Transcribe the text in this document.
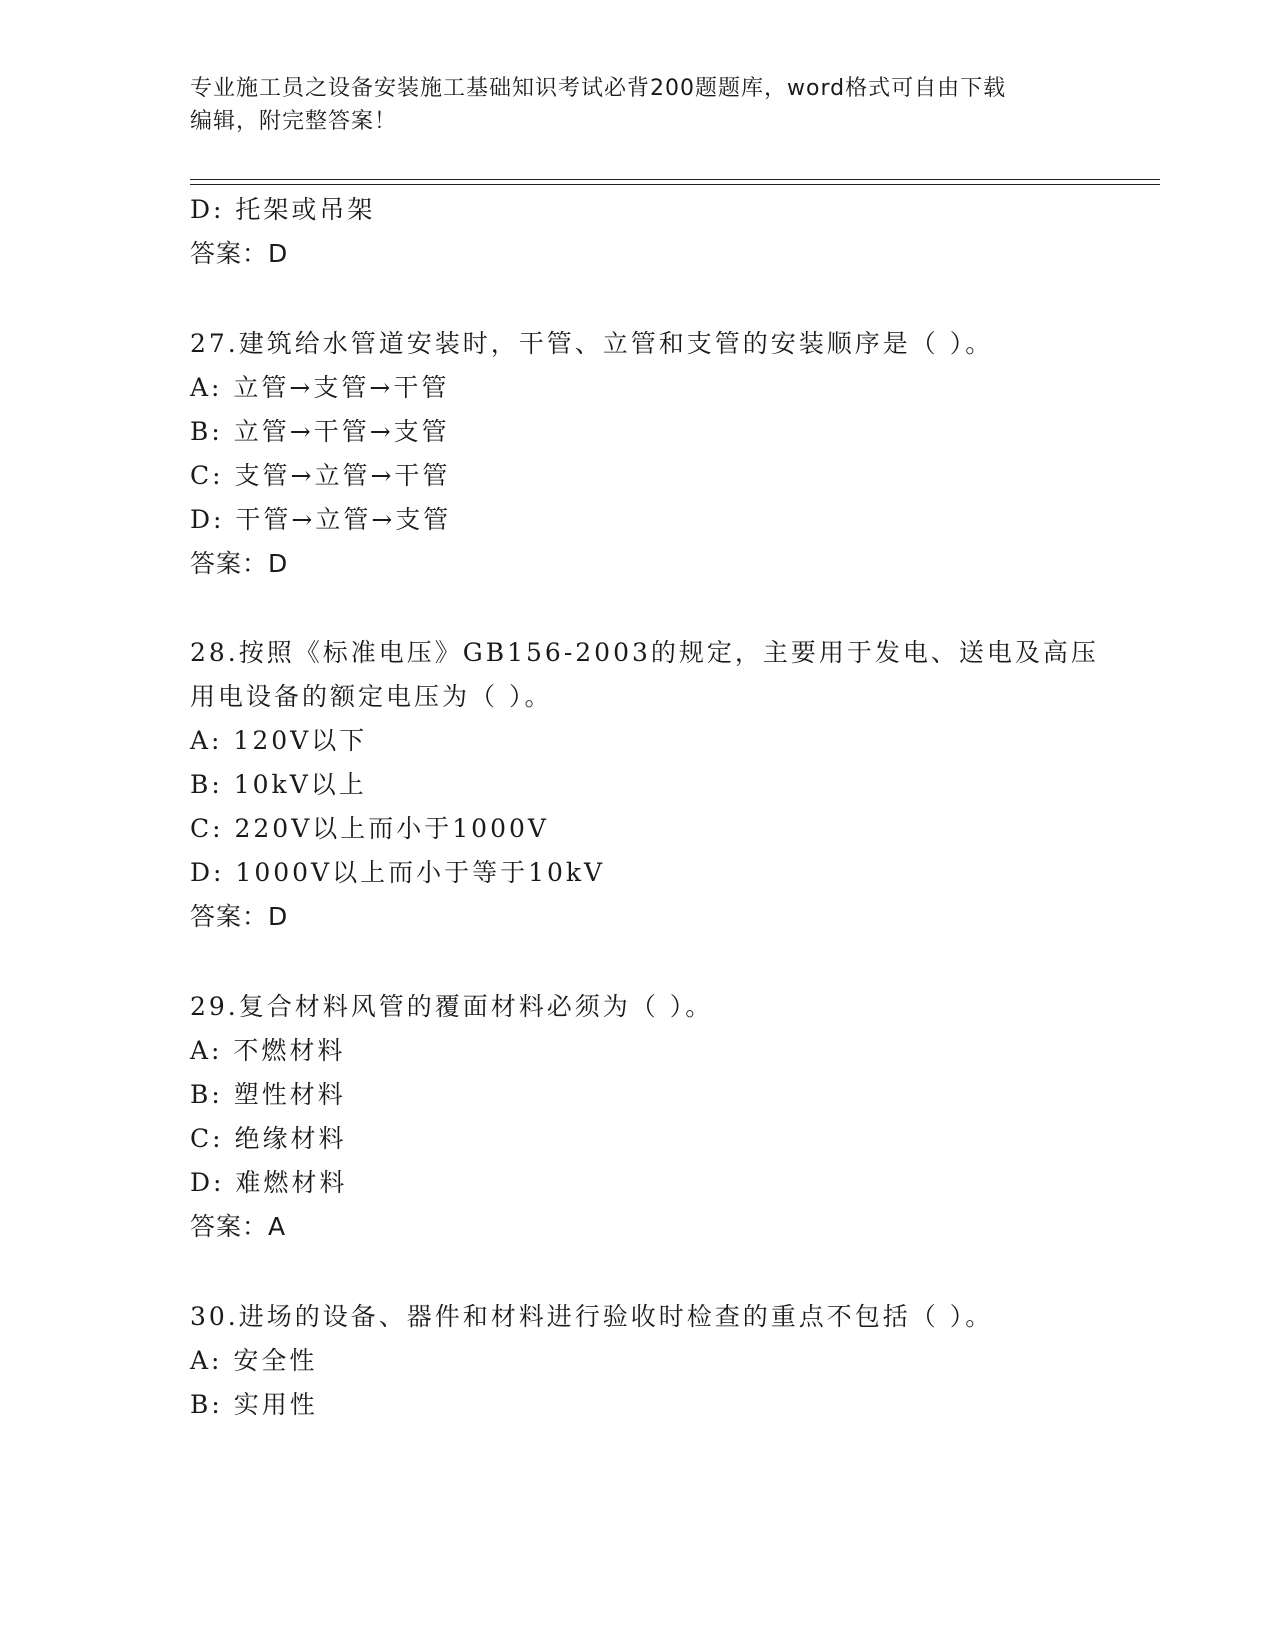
专业施工员之设备安装施工基础知识考试必背200题题库，word格式可自由下载
编辑，附完整答案！
D: 托架或吊架
答案：D
27.建筑给水管道安装时，干管、立管和支管的安装顺序是（ ）。
A: 立管→支管→干管
B: 立管→干管→支管
C: 支管→立管→干管
D: 干管→立管→支管
答案：D
28.按照《标准电压》GB156-2003的规定，主要用于发电、送电及高压
用电设备的额定电压为（ ）。
A: 120V以下
B: 10kV以上
C: 220V以上而小于1000V
D: 1000V以上而小于等于10kV
答案：D
29.复合材料风管的覆面材料必须为（ ）。
A: 不燃材料
B: 塑性材料
C: 绝缘材料
D: 难燃材料
答案：A
30.进场的设备、器件和材料进行验收时检查的重点不包括（ ）。
A: 安全性
B: 实用性
